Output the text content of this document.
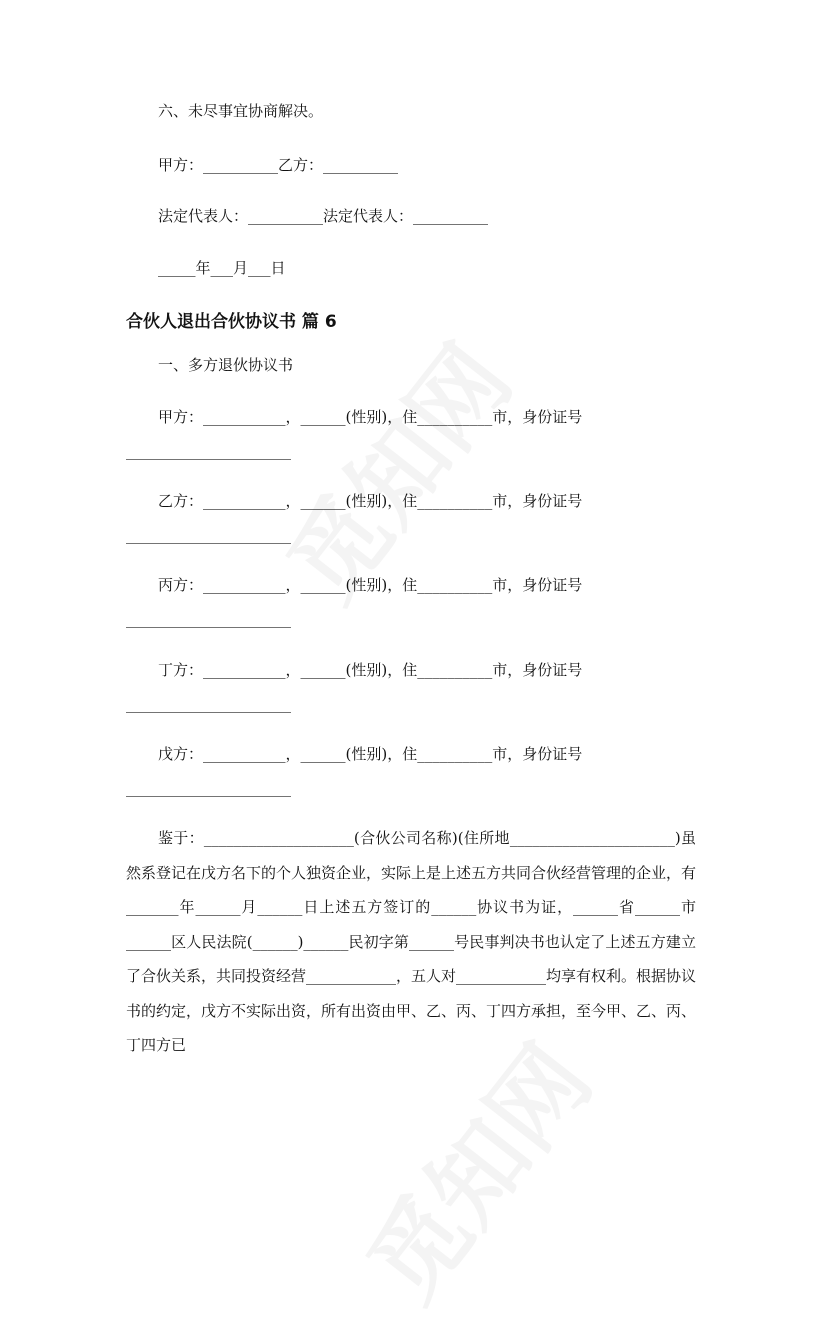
六、未尽事宜协商解决。
甲方：__________乙方：__________
法定代表人：__________法定代表人：__________
_____年___月___日
合伙人退出合伙协议书 篇 6
一、多方退伙协议书
甲方：___________，______(性别)，住__________市，身份证号
______________________
乙方：___________，______(性别)，住__________市，身份证号
______________________
丙方：___________，______(性别)，住__________市，身份证号
______________________
丁方：___________，______(性别)，住__________市，身份证号
______________________
戊方：___________，______(性别)，住__________市，身份证号
______________________
鉴于：____________________(合伙公司名称)(住所地______________________)虽然系登记在戊方名下的个人独资企业，实际上是上述五方共同合伙经营管理的企业，有_______年______月______日上述五方签订的______协议书为证，______省______市______区人民法院(______)______民初字第______号民事判决书也认定了上述五方建立了合伙关系，共同投资经营____________，五人对____________均享有权利。根据协议书的约定，戊方不实际出资，所有出资由甲、乙、丙、丁四方承担，至今甲、乙、丙、丁四方已
